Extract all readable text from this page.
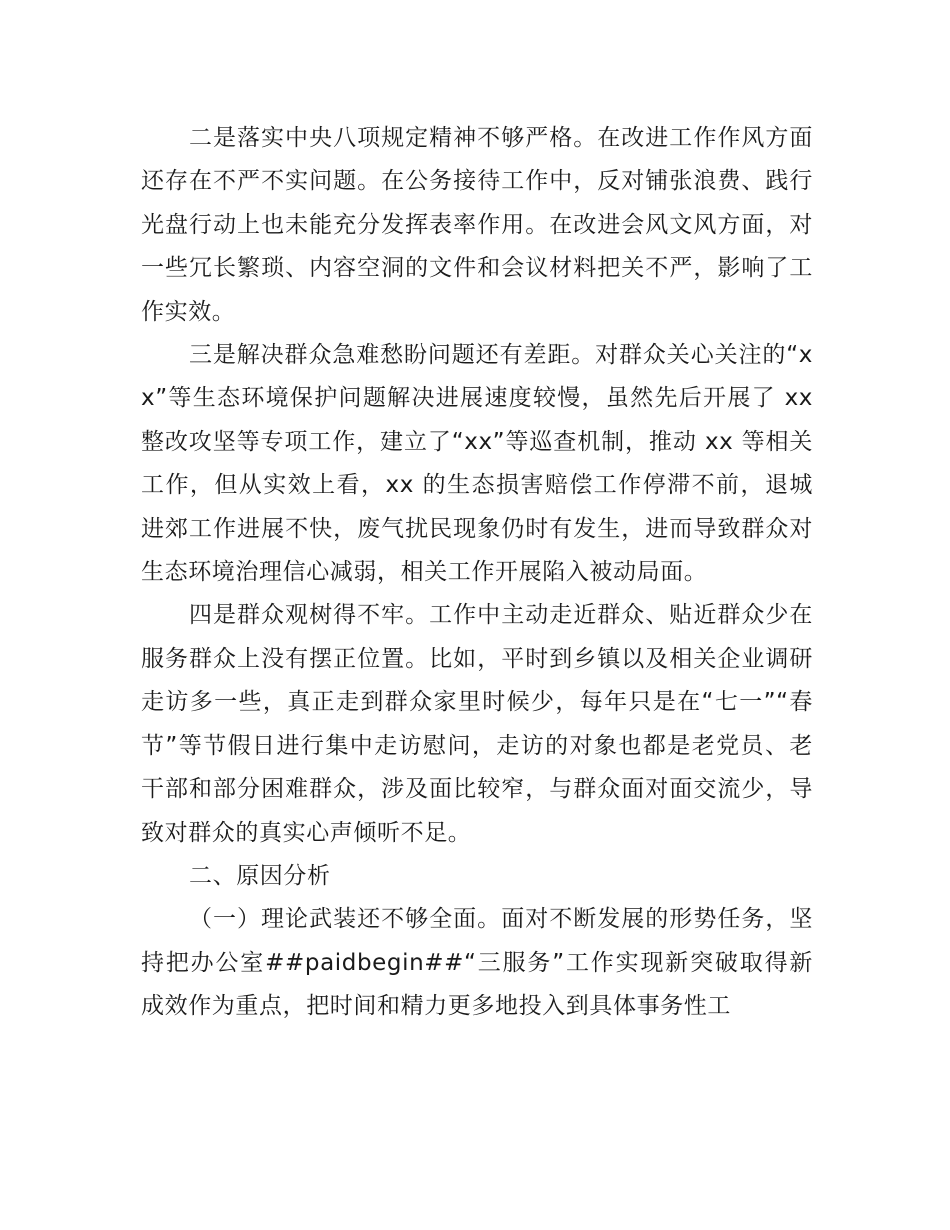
二是落实中央八项规定精神不够严格。在改进工作作风方面还存在不严不实问题。在公务接待工作中，反对铺张浪费、践行光盘行动上也未能充分发挥表率作用。在改进会风文风方面，对一些冗长繁琐、内容空洞的文件和会议材料把关不严，影响了工作实效。

三是解决群众急难愁盼问题还有差距。对群众关心关注的“xx”等生态环境保护问题解决进展速度较慢，虽然先后开展了 xx 整改攻坚等专项工作，建立了“xx”等巡查机制，推动 xx 等相关工作，但从实效上看，xx 的生态损害赔偿工作停滞不前，退城进郊工作进展不快，废气扰民现象仍时有发生，进而导致群众对生态环境治理信心减弱，相关工作开展陷入被动局面。

四是群众观树得不牢。工作中主动走近群众、贴近群众少在服务群众上没有摆正位置。比如，平时到乡镇以及相关企业调研走访多一些，真正走到群众家里时候少，每年只是在“七一”“春节”等节假日进行集中走访慰问，走访的对象也都是老党员、老干部和部分困难群众，涉及面比较窄，与群众面对面交流少，导致对群众的真实心声倾听不足。

二、原因分析

（一）理论武装还不够全面。面对不断发展的形势任务，坚持把办公室##paidbegin##“三服务”工作实现新突破取得新成效作为重点，把时间和精力更多地投入到具体事务性工
